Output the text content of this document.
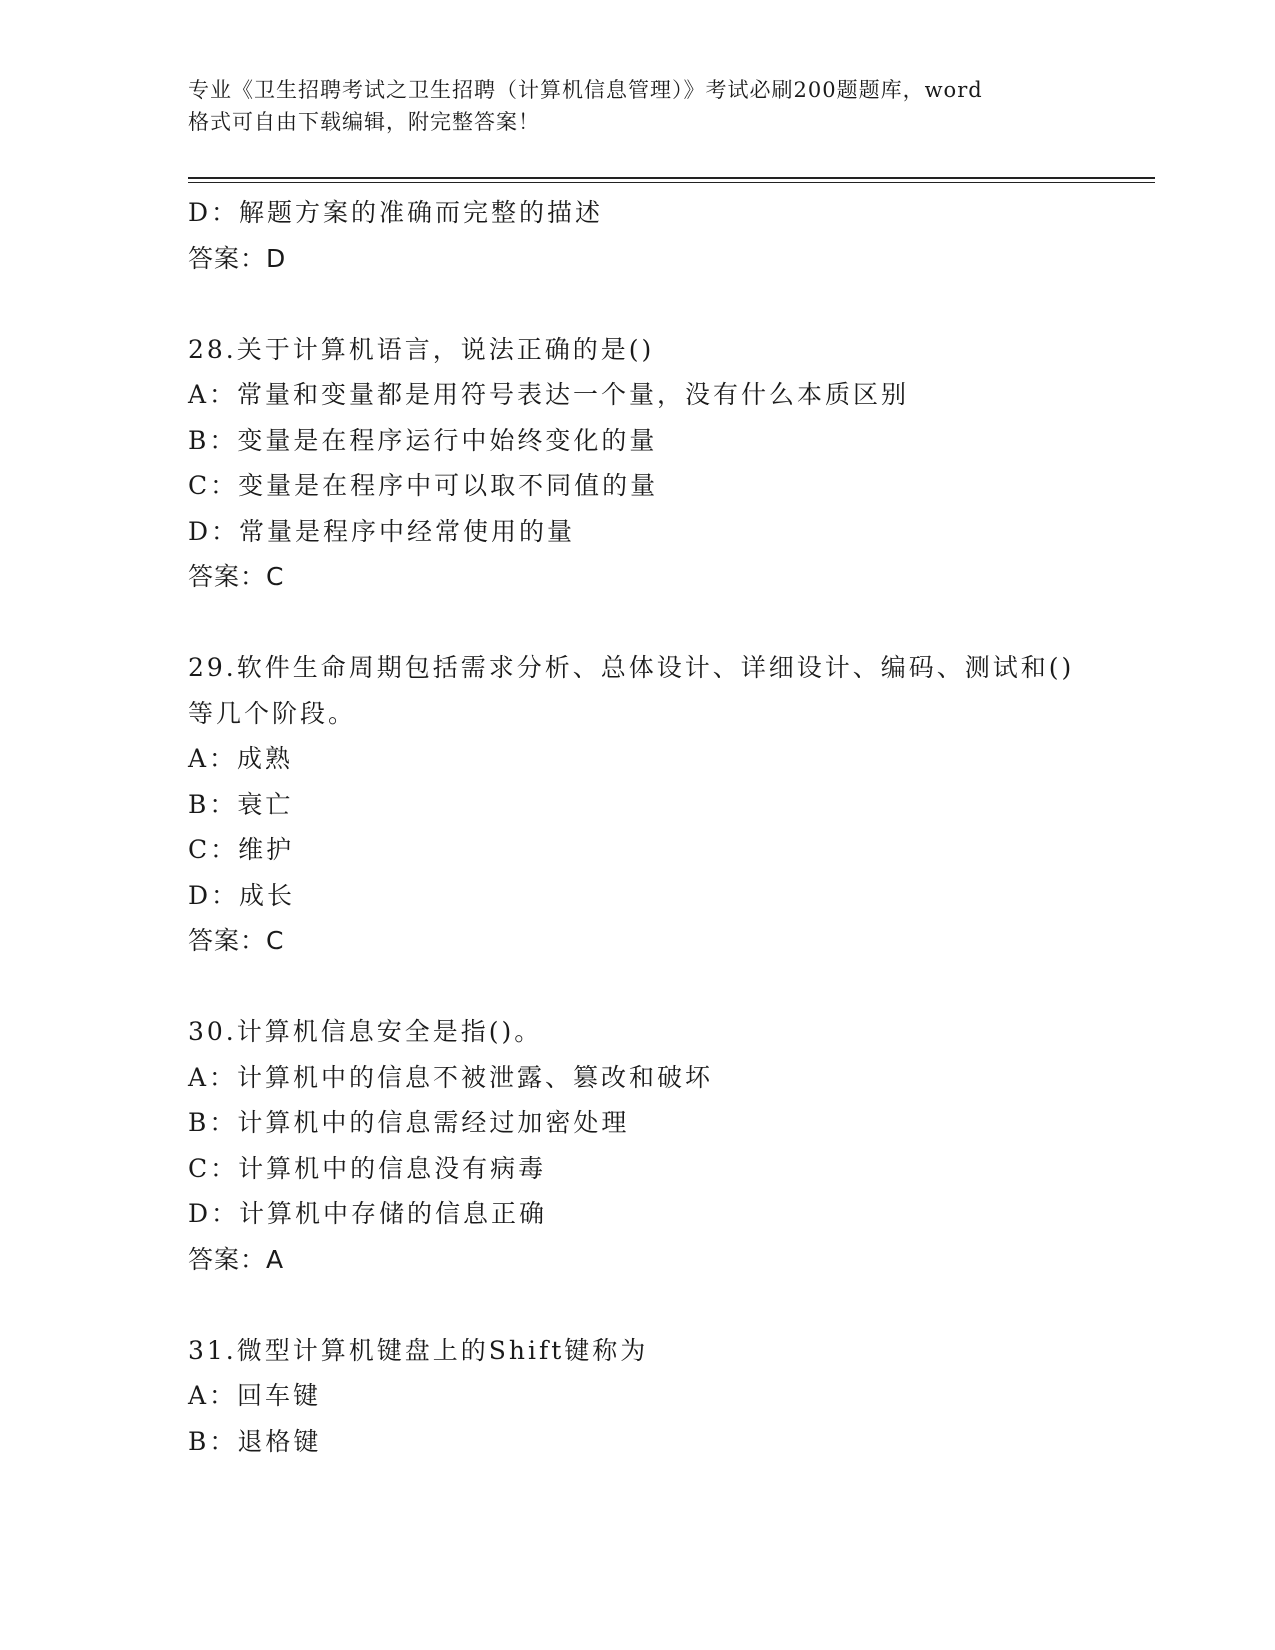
专业《卫生招聘考试之卫生招聘（计算机信息管理）》考试必刷200题题库，word
格式可自由下载编辑，附完整答案！
D：解题方案的准确而完整的描述
答案：D
28.关于计算机语言，说法正确的是()
A：常量和变量都是用符号表达一个量，没有什么本质区别
B：变量是在程序运行中始终变化的量
C：变量是在程序中可以取不同值的量
D：常量是程序中经常使用的量
答案：C
29.软件生命周期包括需求分析、总体设计、详细设计、编码、测试和()等几个阶段。
A：成熟
B：衰亡
C：维护
D：成长
答案：C
30.计算机信息安全是指()。
A：计算机中的信息不被泄露、篡改和破坏
B：计算机中的信息需经过加密处理
C：计算机中的信息没有病毒
D：计算机中存储的信息正确
答案：A
31.微型计算机键盘上的Shift键称为
A：回车键
B：退格键
